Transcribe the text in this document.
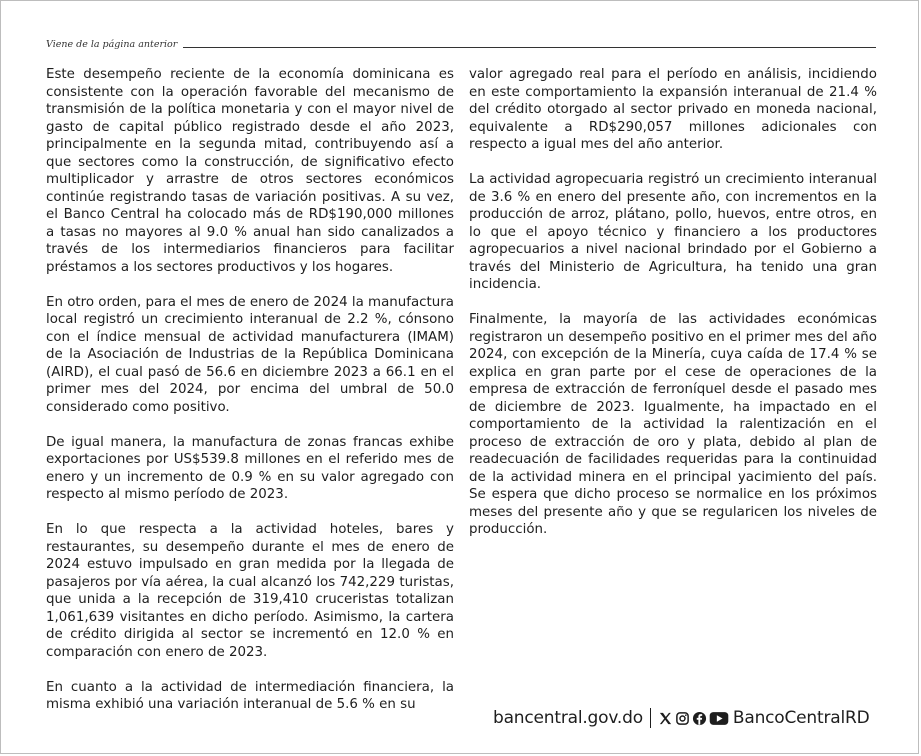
Viene de la página anterior

Este desempeño reciente de la economía dominicana es consistente con la operación favorable del mecanismo de transmisión de la política monetaria y con el mayor nivel de gasto de capital público registrado desde el año 2023, principalmente en la segunda mitad, contribuyendo así a que sectores como la construcción, de significativo efecto multiplicador y arrastre de otros sectores económicos continúe registrando tasas de variación positivas. A su vez, el Banco Central ha colocado más de RD$190,000 millones a tasas no mayores al 9.0 % anual han sido canalizados a través de los intermediarios financieros para facilitar préstamos a los sectores productivos y los hogares.

En otro orden, para el mes de enero de 2024 la manufactura local registró un crecimiento interanual de 2.2 %, cónsono con el índice mensual de actividad manufacturera (IMAM) de la Asociación de Industrias de la República Dominicana (AIRD), el cual pasó de 56.6 en diciembre 2023 a 66.1 en el primer mes del 2024, por encima del umbral de 50.0 considerado como positivo.

De igual manera, la manufactura de zonas francas exhibe exportaciones por US$539.8 millones en el referido mes de enero y un incremento de 0.9 % en su valor agregado con respecto al mismo período de 2023.

En lo que respecta a la actividad hoteles, bares y restaurantes, su desempeño durante el mes de enero de 2024 estuvo impulsado en gran medida por la llegada de pasajeros por vía aérea, la cual alcanzó los 742,229 turistas, que unida a la recepción de 319,410 cruceristas totalizan 1,061,639 visitantes en dicho período. Asimismo, la cartera de crédito dirigida al sector se incrementó en 12.0 % en comparación con enero de 2023.

En cuanto a la actividad de intermediación financiera, la misma exhibió una variación interanual de 5.6 % en su

valor agregado real para el período en análisis, incidiendo en este comportamiento la expansión interanual de 21.4 % del crédito otorgado al sector privado en moneda nacional, equivalente a RD$290,057 millones adicionales con respecto a igual mes del año anterior.

La actividad agropecuaria registró un crecimiento interanual de 3.6 % en enero del presente año, con incrementos en la producción de arroz, plátano, pollo, huevos, entre otros, en lo que el apoyo técnico y financiero a los productores agropecuarios a nivel nacional brindado por el Gobierno a través del Ministerio de Agricultura, ha tenido una gran incidencia.

Finalmente, la mayoría de las actividades económicas registraron un desempeño positivo en el primer mes del año 2024, con excepción de la Minería, cuya caída de 17.4 % se explica en gran parte por el cese de operaciones de la empresa de extracción de ferroníquel desde el pasado mes de diciembre de 2023. Igualmente, ha impactado en el comportamiento de la actividad la ralentización en el proceso de extracción de oro y plata, debido al plan de readecuación de facilidades requeridas para la continuidad de la actividad minera en el principal yacimiento del país. Se espera que dicho proceso se normalice en los próximos meses del presente año y que se regularicen los niveles de producción.

bancentral.gov.do	BancoCentralRD
